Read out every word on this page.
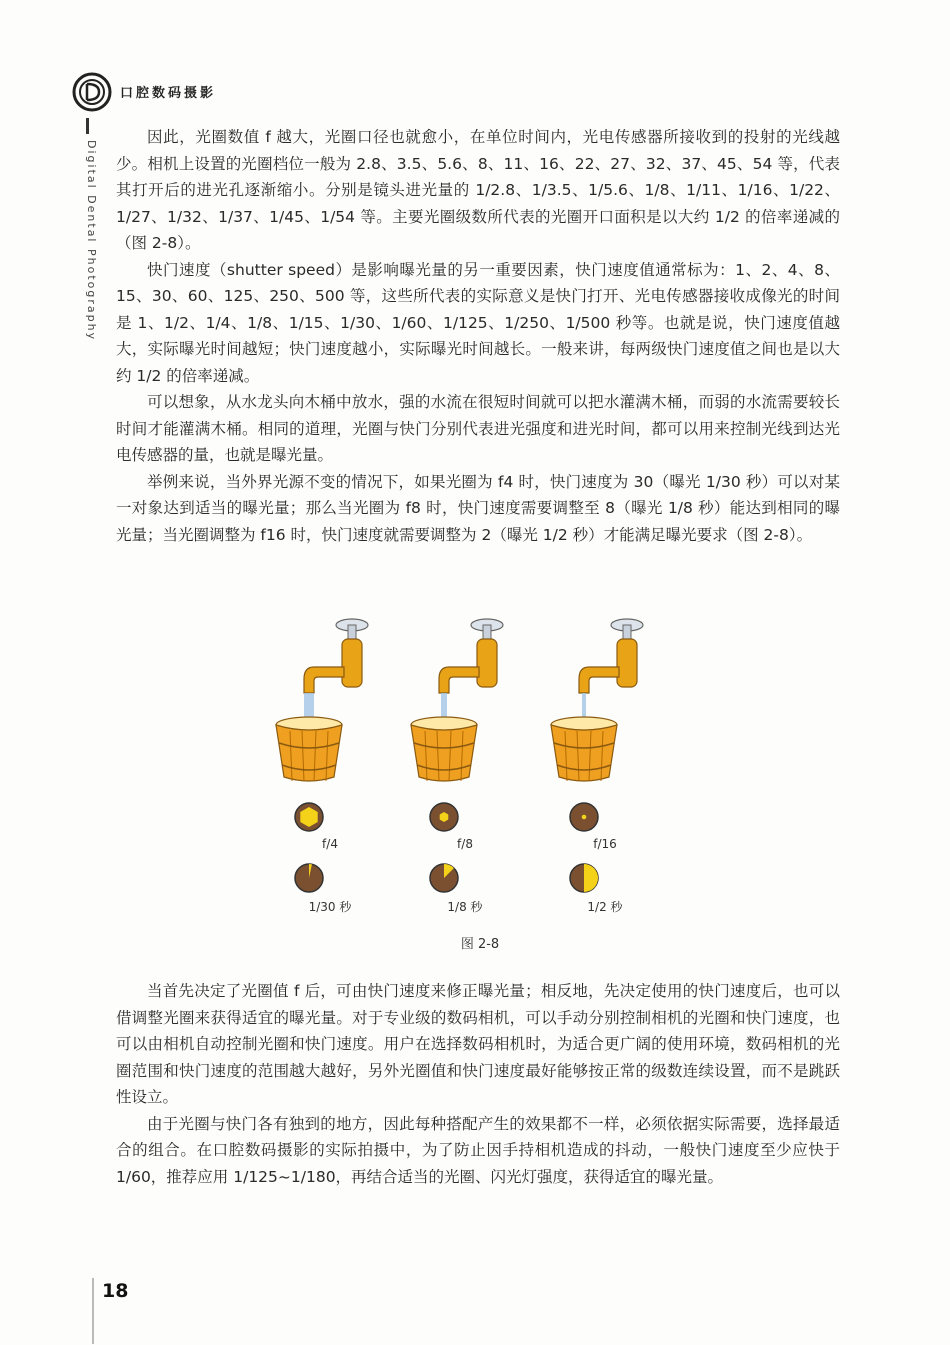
口腔数码摄影
Digital Dental Photography

因此，光圈数值 f 越大，光圈口径也就愈小，在单位时间内，光电传感器所接收到的投射的光线越少。相机上设置的光圈档位一般为 2.8、3.5、5.6、8、11、16、22、27、32、37、45、54 等，代表其打开后的进光孔逐渐缩小。分别是镜头进光量的 1/2.8、1/3.5、1/5.6、1/8、1/11、1/16、1/22、1/27、1/32、1/37、1/45、1/54 等。主要光圈级数所代表的光圈开口面积是以大约 1/2 的倍率递减的（图 2-8）。

快门速度（shutter speed）是影响曝光量的另一重要因素，快门速度值通常标为：1、2、4、8、15、30、60、125、250、500 等，这些所代表的实际意义是快门打开、光电传感器接收成像光的时间是 1、1/2、1/4、1/8、1/15、1/30、1/60、1/125、1/250、1/500 秒等。也就是说，快门速度值越大，实际曝光时间越短；快门速度越小，实际曝光时间越长。一般来讲，每两级快门速度值之间也是以大约 1/2 的倍率递减。

可以想象，从水龙头向木桶中放水，强的水流在很短时间就可以把水灌满木桶，而弱的水流需要较长时间才能灌满木桶。相同的道理，光圈与快门分别代表进光强度和进光时间，都可以用来控制光线到达光电传感器的量，也就是曝光量。

举例来说，当外界光源不变的情况下，如果光圈为 f4 时，快门速度为 30（曝光 1/30 秒）可以对某一对象达到适当的曝光量；那么当光圈为 f8 时，快门速度需要调整至 8（曝光 1/8 秒）能达到相同的曝光量；当光圈调整为 f16 时，快门速度就需要调整为 2（曝光 1/2 秒）才能满足曝光要求（图 2-8）。

f/4
1/30 秒
f/8
1/8 秒
f/16
1/2 秒
图 2-8

当首先决定了光圈值 f 后，可由快门速度来修正曝光量；相反地，先决定使用的快门速度后，也可以借调整光圈来获得适宜的曝光量。对于专业级的数码相机，可以手动分别控制相机的光圈和快门速度，也可以由相机自动控制光圈和快门速度。用户在选择数码相机时，为适合更广阔的使用环境，数码相机的光圈范围和快门速度的范围越大越好，另外光圈值和快门速度最好能够按正常的级数连续设置，而不是跳跃性设立。

由于光圈与快门各有独到的地方，因此每种搭配产生的效果都不一样，必须依据实际需要，选择最适合的组合。在口腔数码摄影的实际拍摄中，为了防止因手持相机造成的抖动，一般快门速度至少应快于 1/60，推荐应用 1/125~1/180，再结合适当的光圈、闪光灯强度，获得适宜的曝光量。

18
